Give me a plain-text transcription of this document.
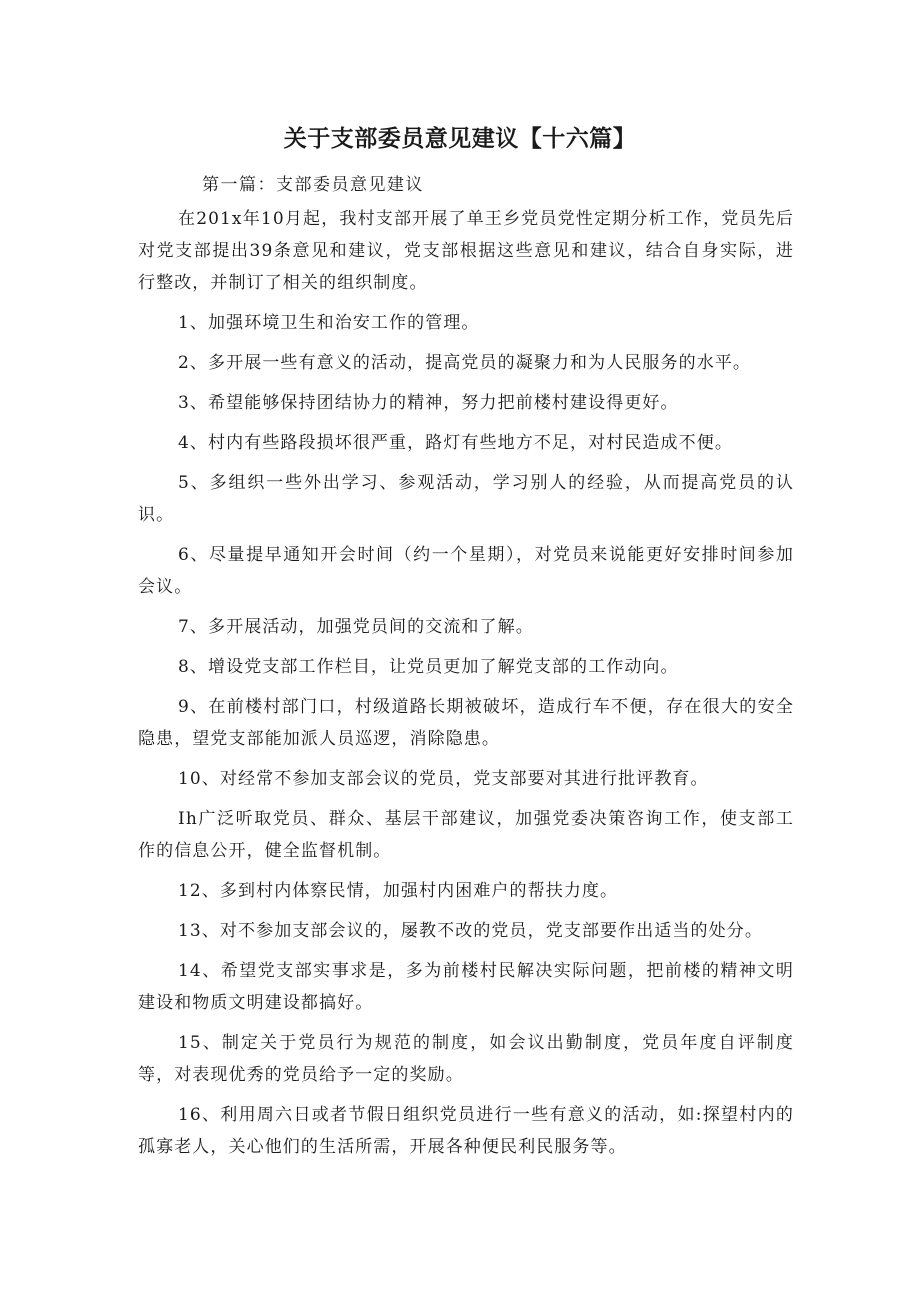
关于支部委员意见建议【十六篇】

第一篇：支部委员意见建议

在201x年10月起，我村支部开展了单王乡党员党性定期分析工作，党员先后对党支部提出39条意见和建议，党支部根据这些意见和建议，结合自身实际，进行整改，并制订了相关的组织制度。

1、加强环境卫生和治安工作的管理。

2、多开展一些有意义的活动，提高党员的凝聚力和为人民服务的水平。

3、希望能够保持团结协力的精神，努力把前楼村建设得更好。

4、村内有些路段损坏很严重，路灯有些地方不足，对村民造成不便。

5、多组织一些外出学习、参观活动，学习别人的经验，从而提高党员的认识。

6、尽量提早通知开会时间（约一个星期），对党员来说能更好安排时间参加会议。

7、多开展活动，加强党员间的交流和了解。

8、增设党支部工作栏目，让党员更加了解党支部的工作动向。

9、在前楼村部门口，村级道路长期被破坏，造成行车不便，存在很大的安全隐患，望党支部能加派人员巡逻，消除隐患。

10、对经常不参加支部会议的党员，党支部要对其进行批评教育。

Ih广泛听取党员、群众、基层干部建议，加强党委决策咨询工作，使支部工作的信息公开，健全监督机制。

12、多到村内体察民情，加强村内困难户的帮扶力度。

13、对不参加支部会议的，屡教不改的党员，党支部要作出适当的处分。

14、希望党支部实事求是，多为前楼村民解决实际问题，把前楼的精神文明建设和物质文明建设都搞好。

15、制定关于党员行为规范的制度，如会议出勤制度，党员年度自评制度等，对表现优秀的党员给予一定的奖励。

16、利用周六日或者节假日组织党员进行一些有意义的活动，如:探望村内的孤寡老人，关心他们的生活所需，开展各种便民利民服务等。
